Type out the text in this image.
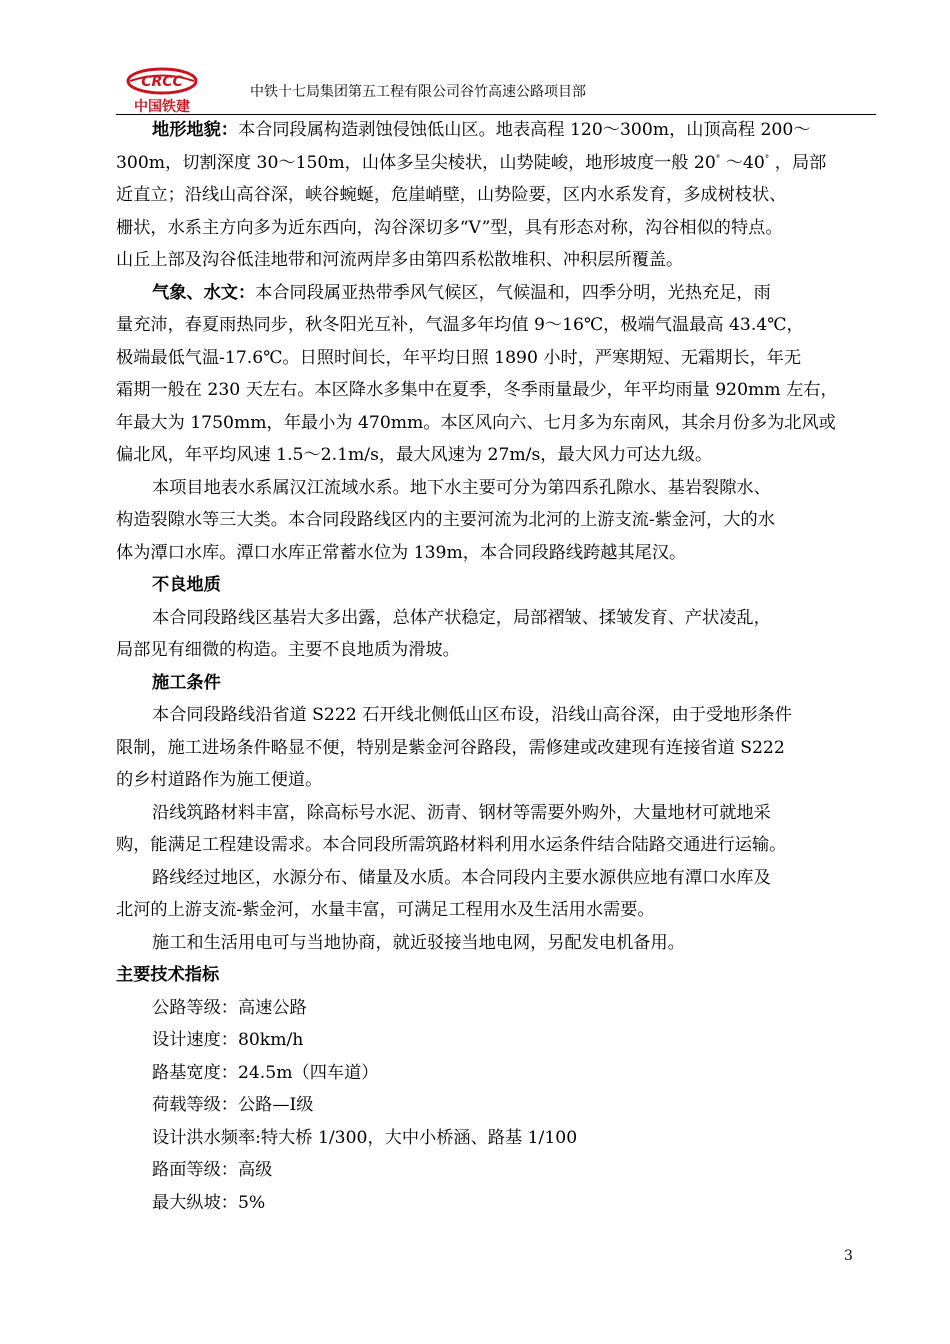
CRCC
中国铁建
中铁十七局集团第五工程有限公司谷竹高速公路项目部
地形地貌：本合同段属构造剥蚀侵蚀低山区。地表高程 120～300m，山顶高程 200～
300m，切割深度 30～150m，山体多呈尖棱状，山势陡峻，地形坡度一般 20° ～40° ，局部
近直立；沿线山高谷深，峡谷蜿蜒，危崖峭壁，山势险要，区内水系发育，多成树枝状、
栅状，水系主方向多为近东西向，沟谷深切多“V”型，具有形态对称，沟谷相似的特点。
山丘上部及沟谷低洼地带和河流两岸多由第四系松散堆积、冲积层所覆盖。
气象、水文：本合同段属亚热带季风气候区，气候温和，四季分明，光热充足，雨
量充沛，春夏雨热同步，秋冬阳光互补，气温多年均值 9～16℃，极端气温最高 43.4℃，
极端最低气温-17.6℃。日照时间长，年平均日照 1890 小时，严寒期短、无霜期长，年无
霜期一般在 230 天左右。本区降水多集中在夏季，冬季雨量最少，年平均雨量 920mm 左右，
年最大为 1750mm，年最小为 470mm。本区风向六、七月多为东南风，其余月份多为北风或
偏北风，年平均风速 1.5～2.1m/s，最大风速为 27m/s，最大风力可达九级。
本项目地表水系属汉江流域水系。地下水主要可分为第四系孔隙水、基岩裂隙水、
构造裂隙水等三大类。本合同段路线区内的主要河流为北河的上游支流-紫金河，大的水
体为潭口水库。潭口水库正常蓄水位为 139m，本合同段路线跨越其尾汉。
不良地质
本合同段路线区基岩大多出露，总体产状稳定，局部褶皱、揉皱发育、产状凌乱，
局部见有细微的构造。主要不良地质为滑坡。
施工条件
本合同段路线沿省道 S222 石开线北侧低山区布设，沿线山高谷深，由于受地形条件
限制，施工进场条件略显不便，特别是紫金河谷路段，需修建或改建现有连接省道 S222
的乡村道路作为施工便道。
沿线筑路材料丰富，除高标号水泥、沥青、钢材等需要外购外，大量地材可就地采
购，能满足工程建设需求。本合同段所需筑路材料利用水运条件结合陆路交通进行运输。
路线经过地区，水源分布、储量及水质。本合同段内主要水源供应地有潭口水库及
北河的上游支流-紫金河，水量丰富，可满足工程用水及生活用水需要。
施工和生活用电可与当地协商，就近驳接当地电网，另配发电机备用。
主要技术指标
公路等级：高速公路
设计速度：80km/h
路基宽度：24.5m（四车道）
荷载等级：公路—Ⅰ级
设计洪水频率:特大桥 1/300，大中小桥涵、路基 1/100
路面等级：高级
最大纵坡：5%
3
